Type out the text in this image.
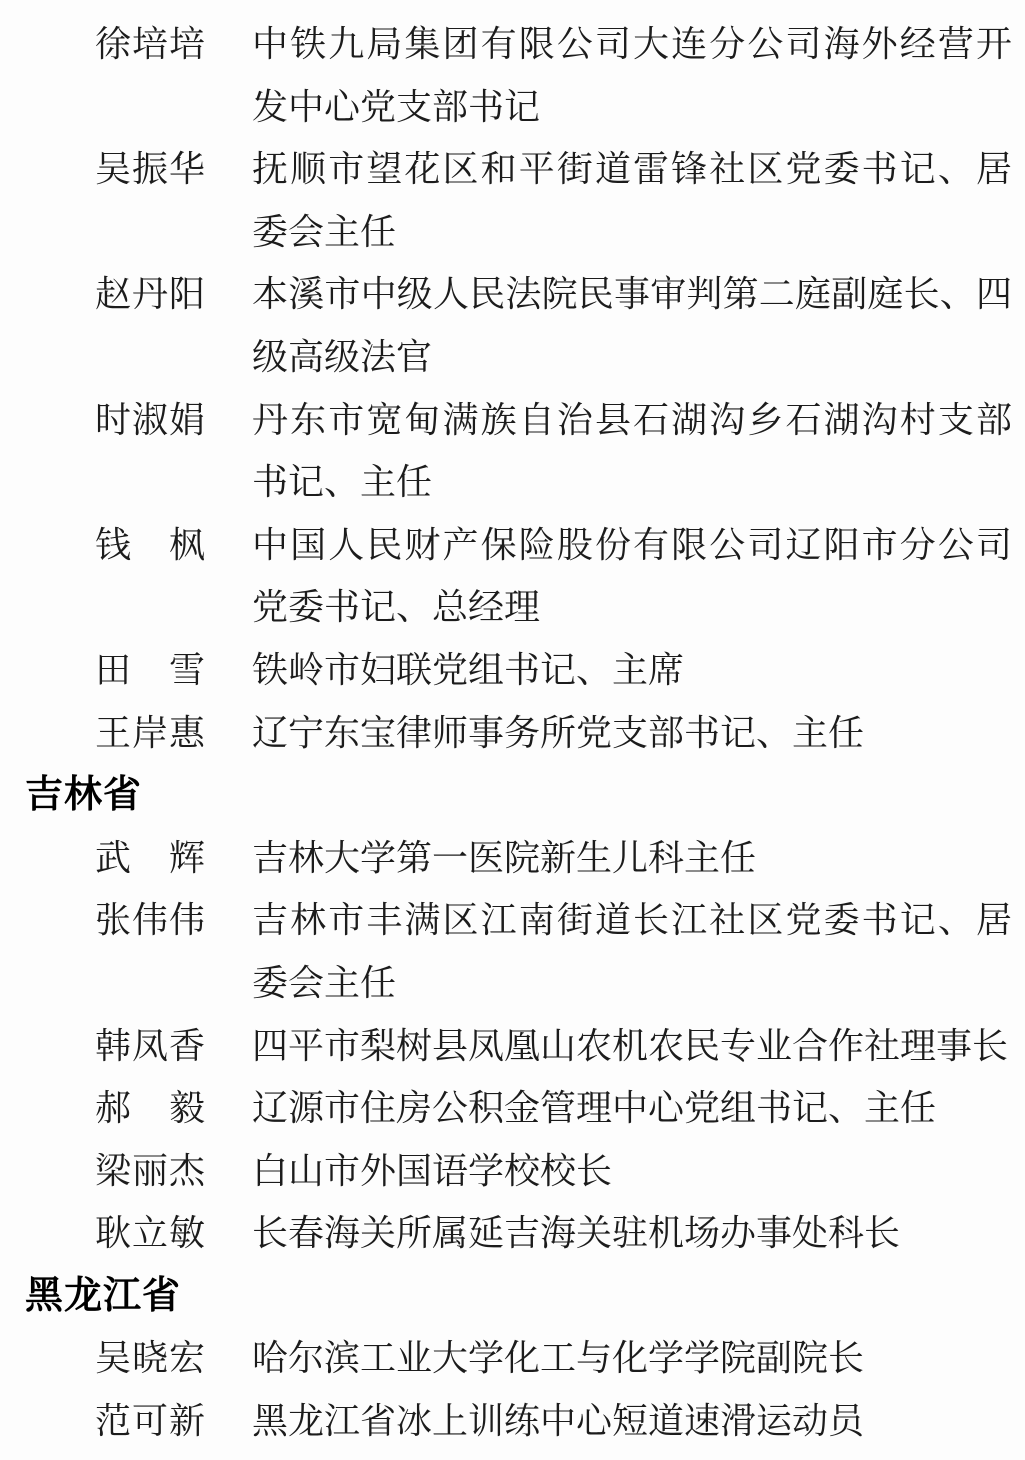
徐培培 中铁九局集团有限公司大连分公司海外经营开
发中心党支部书记
吴振华 抚顺市望花区和平街道雷锋社区党委书记、居
委会主任
赵丹阳 本溪市中级人民法院民事审判第二庭副庭长、四
级高级法官
时淑娟 丹东市宽甸满族自治县石湖沟乡石湖沟村支部
书记、主任
钱枫 中国人民财产保险股份有限公司辽阳市分公司
党委书记、总经理
田雪 铁岭市妇联党组书记、主席
王岸惠 辽宁东宝律师事务所党支部书记、主任
吉林省
武辉 吉林大学第一医院新生儿科主任
张伟伟 吉林市丰满区江南街道长江社区党委书记、居
委会主任
韩凤香 四平市梨树县凤凰山农机农民专业合作社理事长
郝毅 辽源市住房公积金管理中心党组书记、主任
梁丽杰 白山市外国语学校校长
耿立敏 长春海关所属延吉海关驻机场办事处科长
黑龙江省
吴晓宏 哈尔滨工业大学化工与化学学院副院长
范可新 黑龙江省冰上训练中心短道速滑运动员
